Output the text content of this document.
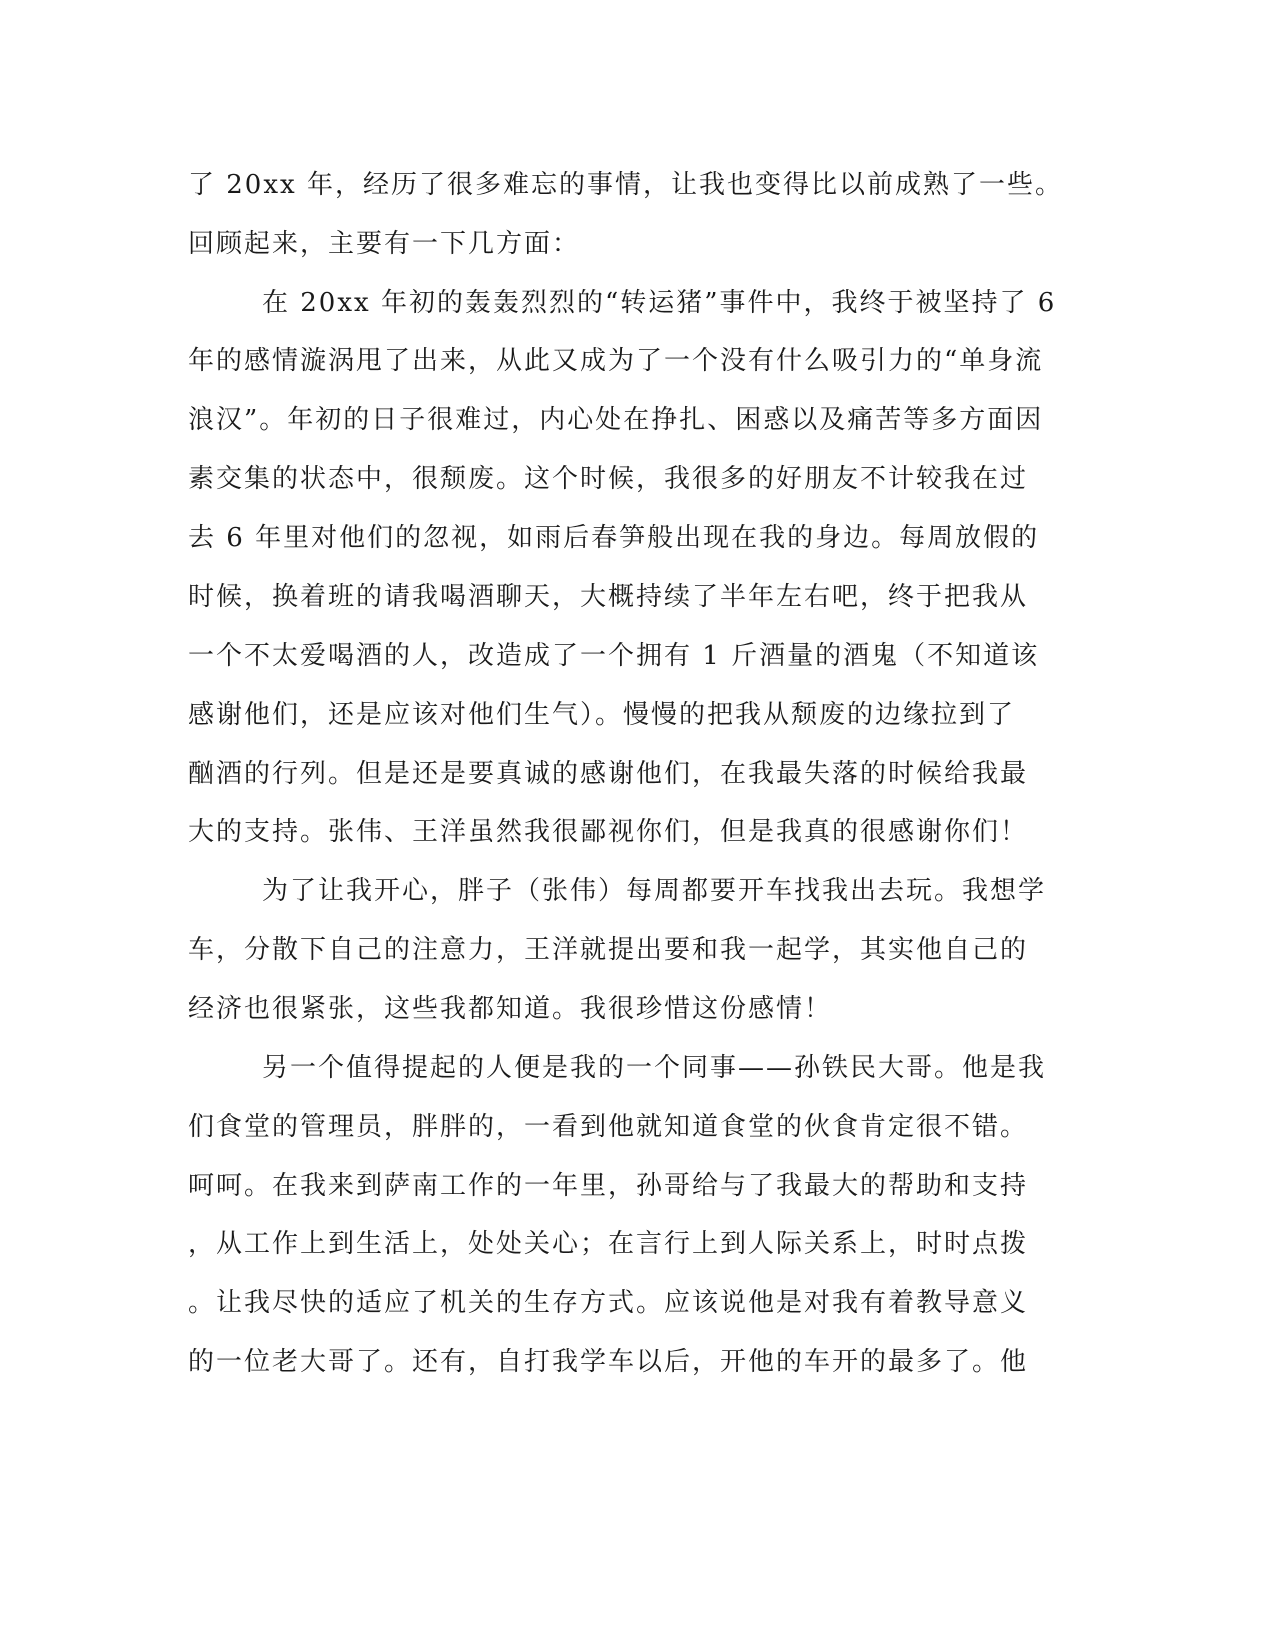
了 20xx 年，经历了很多难忘的事情，让我也变得比以前成熟了一些。
回顾起来，主要有一下几方面：
在 20xx 年初的轰轰烈烈的“转运猪”事件中，我终于被坚持了 6
年的感情漩涡甩了出来，从此又成为了一个没有什么吸引力的“单身流
浪汉”。年初的日子很难过，内心处在挣扎、困惑以及痛苦等多方面因
素交集的状态中，很颓废。这个时候，我很多的好朋友不计较我在过
去 6 年里对他们的忽视，如雨后春笋般出现在我的身边。每周放假的
时候，换着班的请我喝酒聊天，大概持续了半年左右吧，终于把我从
一个不太爱喝酒的人，改造成了一个拥有 1 斤酒量的酒鬼（不知道该
感谢他们，还是应该对他们生气）。慢慢的把我从颓废的边缘拉到了
酗酒的行列。但是还是要真诚的感谢他们，在我最失落的时候给我最
大的支持。张伟、王洋虽然我很鄙视你们，但是我真的很感谢你们！
为了让我开心，胖子（张伟）每周都要开车找我出去玩。我想学
车，分散下自己的注意力，王洋就提出要和我一起学，其实他自己的
经济也很紧张，这些我都知道。我很珍惜这份感情！
另一个值得提起的人便是我的一个同事——孙铁民大哥。他是我
们食堂的管理员，胖胖的，一看到他就知道食堂的伙食肯定很不错。
呵呵。在我来到萨南工作的一年里，孙哥给与了我最大的帮助和支持
，从工作上到生活上，处处关心；在言行上到人际关系上，时时点拨
。让我尽快的适应了机关的生存方式。应该说他是对我有着教导意义
的一位老大哥了。还有，自打我学车以后，开他的车开的最多了。他
